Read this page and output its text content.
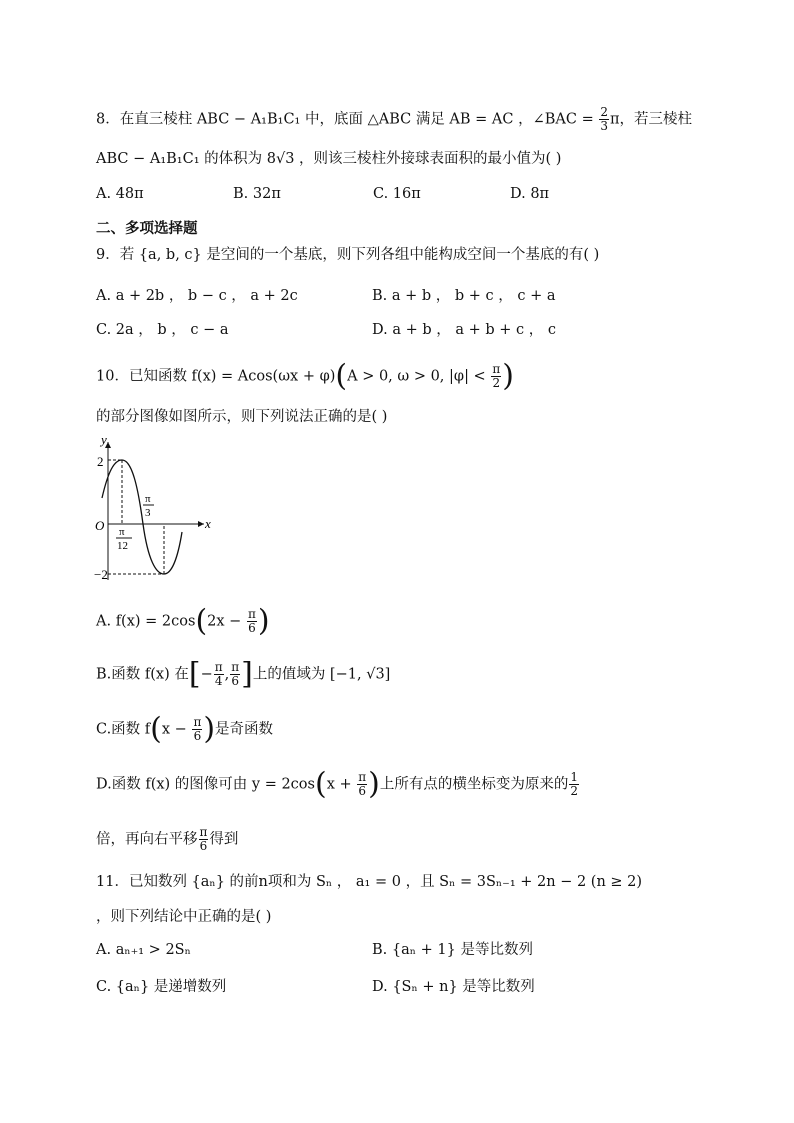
8．在直三棱柱 ABC − A₁B₁C₁ 中，底面 △ABC 满足 AB = AC ，∠BAC = $\frac{2}{3}$ π，若三棱柱
ABC − A₁B₁C₁ 的体积为 8√3 ，则该三棱柱外接球表面积的最小值为( )
A. 48π	B. 32π	C. 16π	D. 8π
二、多项选择题
9．若 {a, b, c} 是空间的一个基底，则下列各组中能构成空间一个基底的有( )
A. a + 2b ， b − c ， a + 2c	B. a + b ， b + c ， c + a
C. 2a ， b ， c − a	D. a + b ， a + b + c ， c
10．已知函数 f(x) = Acos(ωx + φ)(A > 0, ω > 0, $|\varphi| < \frac{\pi}{2}$ )
的部分图像如图所示，则下列说法正确的是( )
y
x
O
2
−2
π
12
π
3
A. $f(x) = 2\cos(2x - \frac{\pi}{6}$ )
B.函数 f(x) 在[− $\frac{\pi}{4}$ , $\frac{\pi}{6}$ ]上的值域为 [−1, √3]
C.函数 $f(x - \frac{\pi}{6}$ )是奇函数
D.函数 f(x) 的图像可由 $y = 2\cos(x + \frac{\pi}{6}$ )上所有点的横坐标变为原来的 $\frac{1}{2}$
倍，再向右平移 $\frac{\pi}{6}$ 得到
11．已知数列 {aₙ} 的前n项和为 Sₙ ， a₁ = 0 ，且 Sₙ = 3Sₙ₋₁ + 2n − 2 (n ≥ 2)
，则下列结论中正确的是( )
A. aₙ₊₁ > 2Sₙ	B. {aₙ + 1} 是等比数列
C. {aₙ} 是递增数列	D. {Sₙ + n} 是等比数列
